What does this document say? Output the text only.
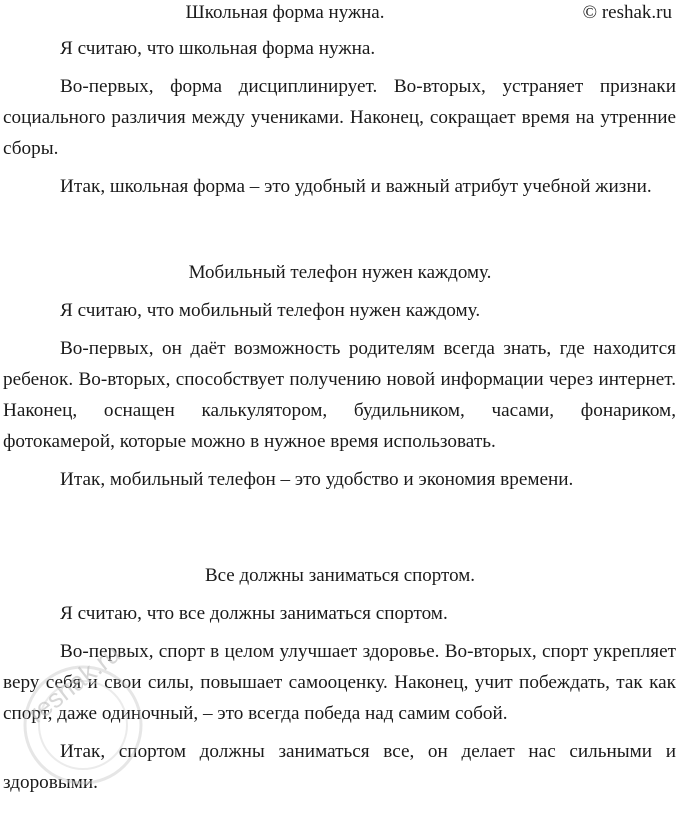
© reshak.ru

Школьная форма нужна.

Я считаю, что школьная форма нужна.

Во-первых, форма дисциплинирует. Во-вторых, устраняет признаки социального различия между учениками. Наконец, сокращает время на утренние сборы.

Итак, школьная форма – это удобный и важный атрибут учебной жизни.

Мобильный телефон нужен каждому.

Я считаю, что мобильный телефон нужен каждому.

Во-первых, он даёт возможность родителям всегда знать, где находится ребенок. Во-вторых, способствует получению новой информации через интернет. Наконец, оснащен калькулятором, будильником, часами, фонариком, фотокамерой, которые можно в нужное время использовать.

Итак, мобильный телефон – это удобство и экономия времени.

Все должны заниматься спортом.

Я считаю, что все должны заниматься спортом.

Во-первых, спорт в целом улучшает здоровье. Во-вторых, спорт укрепляет веру себя и свои силы, повышает самооценку. Наконец, учит побеждать, так как спорт, даже одиночный, – это всегда победа над самим собой.

Итак, спортом должны заниматься все, он делает нас сильными и здоровыми.

reshak.ru
